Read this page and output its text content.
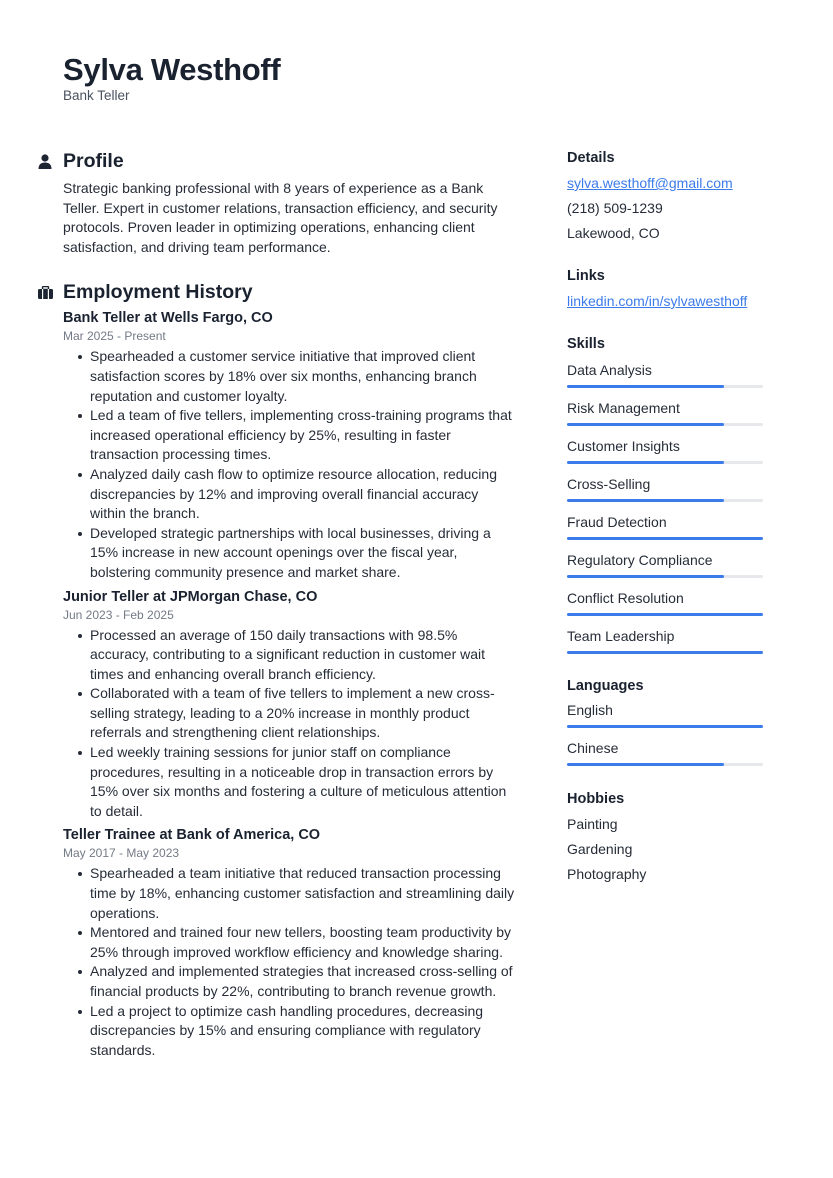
Sylva Westhoff
Bank Teller
Profile

Strategic banking professional with 8 years of experience as a Bank Teller. Expert in customer relations, transaction efficiency, and security protocols. Proven leader in optimizing operations, enhancing client satisfaction, and driving team performance.

Employment History
Bank Teller at Wells Fargo, CO
Mar 2025 - Present
Spearheaded a customer service initiative that improved client satisfaction scores by 18% over six months, enhancing branch reputation and customer loyalty.
Led a team of five tellers, implementing cross-training programs that increased operational efficiency by 25%, resulting in faster transaction processing times.
Analyzed daily cash flow to optimize resource allocation, reducing discrepancies by 12% and improving overall financial accuracy within the branch.
Developed strategic partnerships with local businesses, driving a 15% increase in new account openings over the fiscal year, bolstering community presence and market share.
Junior Teller at JPMorgan Chase, CO
Jun 2023 - Feb 2025
Processed an average of 150 daily transactions with 98.5% accuracy, contributing to a significant reduction in customer wait times and enhancing overall branch efficiency.
Collaborated with a team of five tellers to implement a new cross-selling strategy, leading to a 20% increase in monthly product referrals and strengthening client relationships.
Led weekly training sessions for junior staff on compliance procedures, resulting in a noticeable drop in transaction errors by 15% over six months and fostering a culture of meticulous attention to detail.
Teller Trainee at Bank of America, CO
May 2017 - May 2023
Spearheaded a team initiative that reduced transaction processing time by 18%, enhancing customer satisfaction and streamlining daily operations.
Mentored and trained four new tellers, boosting team productivity by 25% through improved workflow efficiency and knowledge sharing.
Analyzed and implemented strategies that increased cross-selling of financial products by 22%, contributing to branch revenue growth.
Led a project to optimize cash handling procedures, decreasing discrepancies by 15% and ensuring compliance with regulatory standards.
Details
sylva.westhoff@gmail.com
(218) 509-1239
Lakewood, CO
Links
linkedin.com/in/sylvawesthoff
Skills
Data Analysis
Risk Management
Customer Insights
Cross-Selling
Fraud Detection
Regulatory Compliance
Conflict Resolution
Team Leadership
Languages
English
Chinese
Hobbies
Painting
Gardening
Photography
